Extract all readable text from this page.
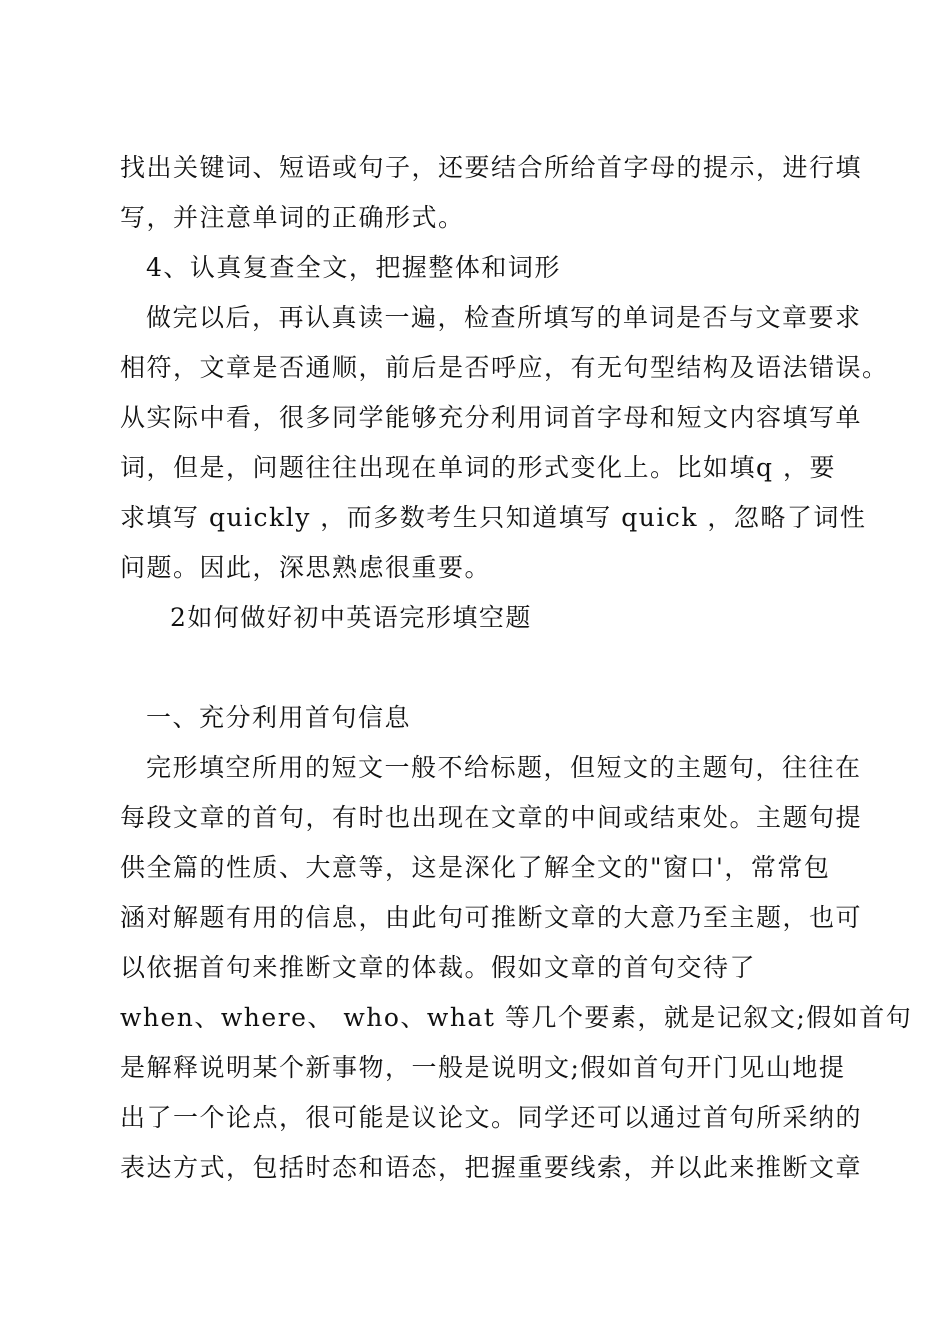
找出关键词、短语或句子，还要结合所给首字母的提示，进行填
写，并注意单词的正确形式。
4、认真复查全文，把握整体和词形
做完以后，再认真读一遍，检查所填写的单词是否与文章要求
相符，文章是否通顺，前后是否呼应，有无句型结构及语法错误。
从实际中看，很多同学能够充分利用词首字母和短文内容填写单
词，但是，问题往往出现在单词的形式变化上。比如填q ，要
求填写 quickly ，而多数考生只知道填写 quick ，忽略了词性
问题。因此，深思熟虑很重要。
2如何做好初中英语完形填空题
一、充分利用首句信息
完形填空所用的短文一般不给标题，但短文的主题句，往往在
每段文章的首句，有时也出现在文章的中间或结束处。主题句提
供全篇的性质、大意等，这是深化了解全文的"窗口'，常常包
涵对解题有用的信息，由此句可推断文章的大意乃至主题，也可
以依据首句来推断文章的体裁。假如文章的首句交待了
when、where、 who、what 等几个要素，就是记叙文;假如首句
是解释说明某个新事物，一般是说明文;假如首句开门见山地提
出了一个论点，很可能是议论文。同学还可以通过首句所采纳的
表达方式，包括时态和语态，把握重要线索，并以此来推断文章
